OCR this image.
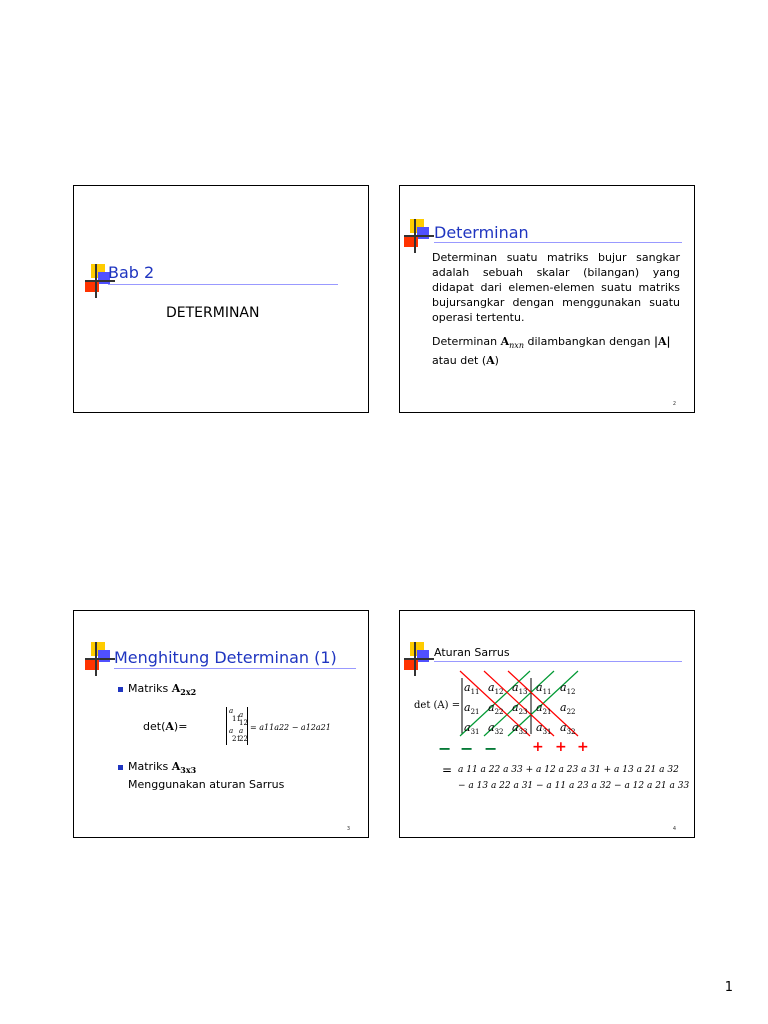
Bab 2
DETERMINAN
Determinan
Determinan suatu matriks bujur sangkar adalah sebuah skalar (bilangan) yang didapat dari elemen-elemen suatu matriks bujursangkar dengan menggunakan suatu operasi tertentu.
Determinan $A_{nxn}$ dilambangkan dengan |A|
atau det (A)
2
Menghitung Determinan (1)
Matriks $A_{2x2}$
det(A)=
a
11
a
21
a
12
a
22
= a11a22 − a12a21
Matriks $A_{3x3}$
Menggunakan aturan Sarrus
3
Aturan Sarrus
det (A) =
$a_{11}$ $a_{12}$ $a_{13}$ $a_{11}$ $a_{12}$
$a_{21}$ $a_{22}$ $a_{23}$ $a_{21}$ $a_{22}$
$a_{31}$ $a_{32}$ $a_{33}$ $a_{31}$ $a_{32}$
− − − + + +
= a 11 a 22 a 33 + a 12 a 23 a 31 + a 13 a 21 a 32
− a 13 a 22 a 31 − a 11 a 23 a 32 − a 12 a 21 a 33
4
1
